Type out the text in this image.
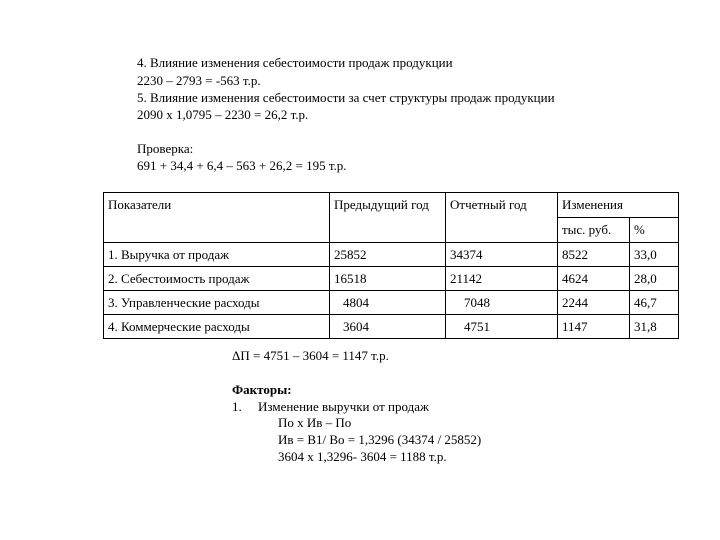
4. Влияние изменения себестоимости продаж продукции
2230 – 2793 = -563 т.р.
5. Влияние изменения себестоимости за счет структуры продаж продукции
2090 х 1,0795 – 2230 = 26,2 т.р.
Проверка:
691 + 34,4 + 6,4 – 563 + 26,2 = 195 т.р.
Показатели	Предыдущий год	Отчетный год	Изменения	
			тыс. руб.	%
1. Выручка от продаж	25852	34374	8522	33,0
2. Себестоимость продаж	16518	21142	4624	28,0
3. Управленческие расходы	4804	7048	2244	46,7
4. Коммерческие расходы	3604	4751	1147	31,8
ΔП = 4751 – 3604 = 1147 т.р.
Факторы:
1. Изменение выручки от продаж
По х Ив – По
Ив = В1/ Во = 1,3296 (34374 / 25852)
3604 х 1,3296- 3604 = 1188 т.р.
